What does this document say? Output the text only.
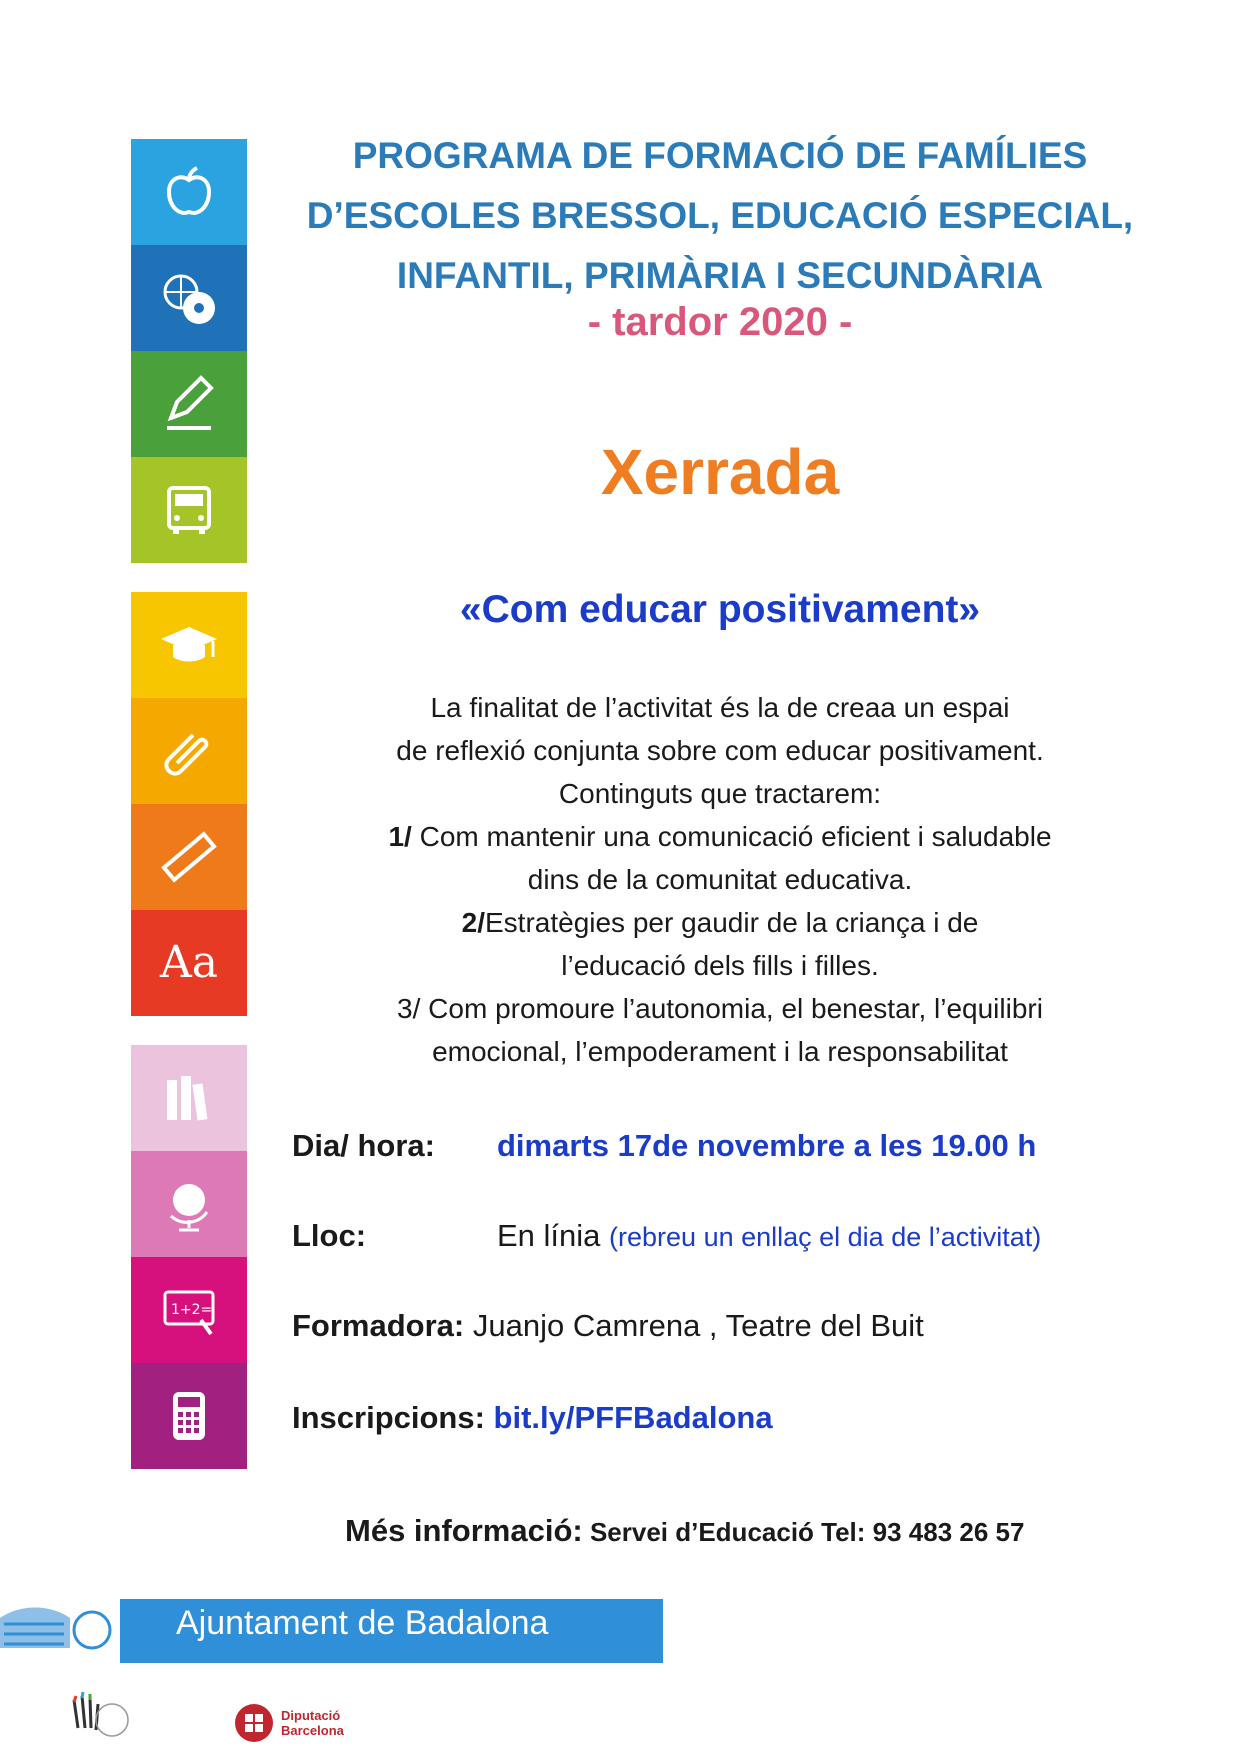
Aa
1+2=
PROGRAMA DE FORMACIÓ DE FAMÍLIES
D’ESCOLES BRESSOL, EDUCACIÓ ESPECIAL,
INFANTIL, PRIMÀRIA I SECUNDÀRIA
- tardor 2020 -
Xerrada
«Com educar positivament»
La finalitat de l’activitat és la de creaa un espai
de reflexió conjunta sobre com educar positivament.
Continguts que tractarem:
1/ Com mantenir una comunicació eficient i saludable
dins de la comunitat educativa.
2/Estratègies per gaudir de la criança i de
l’educació dels fills i filles.
3/ Com promoure l’autonomia, el benestar, l’equilibri
emocional, l’empoderament i la responsabilitat
Dia/ hora: dimarts 17de novembre a les 19.00 h
Lloc:	En línia (rebreu un enllaç el dia de l’activitat)
Formadora: Juanjo Camrena , Teatre del Buit
Inscripcions: bit.ly/PFFBadalona
Més informació: Servei d’Educació Tel: 93 483 26 57
Ajuntament de Badalona
Diputació
Barcelona
